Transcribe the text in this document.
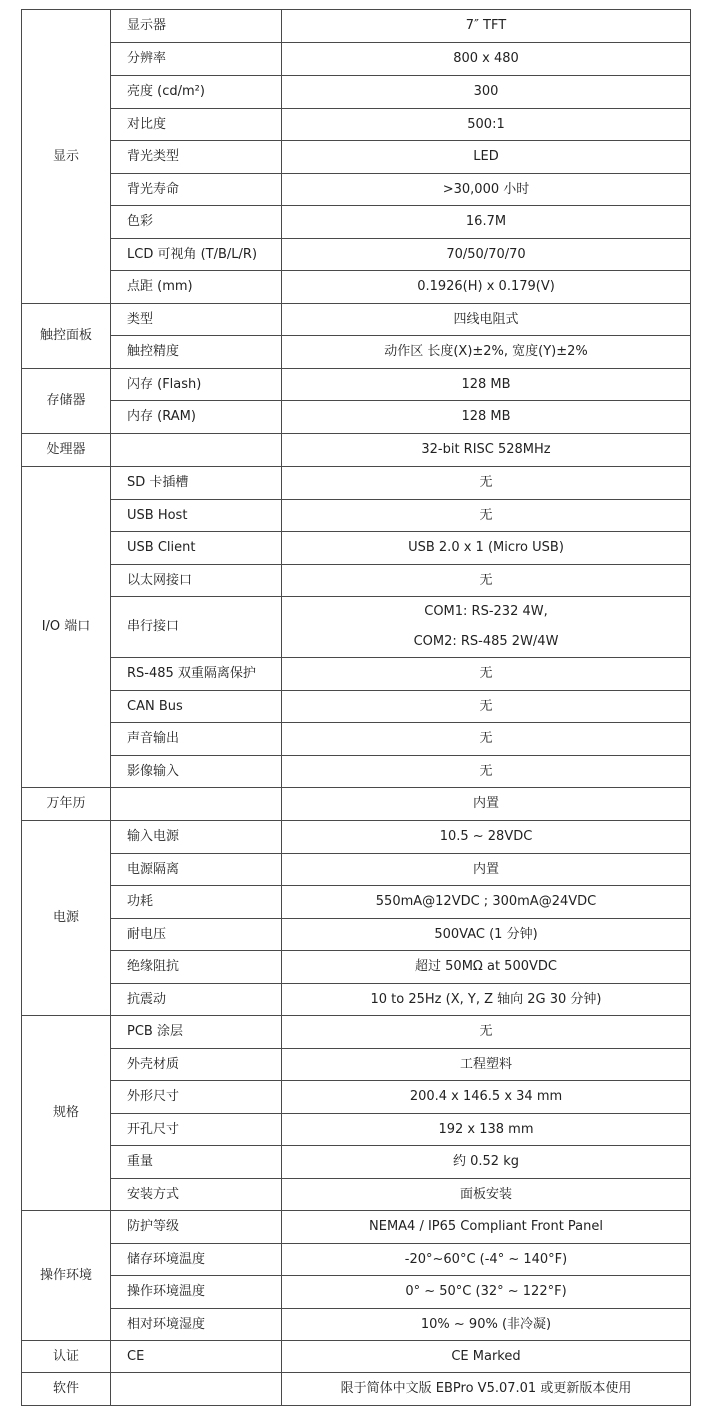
显示	显示器	7″ TFT
	分辨率	800 x 480
	亮度 (cd/m²)	300
	对比度	500:1
	背光类型	LED
	背光寿命	>30,000 小时
	色彩	16.7M
	LCD 可视角 (T/B/L/R)	70/50/70/70
	点距 (mm)	0.1926(H) x 0.179(V)
触控面板	类型	四线电阻式
	触控精度	动作区 长度(X)±2%, 宽度(Y)±2%
存储器	闪存 (Flash)	128 MB
	内存 (RAM)	128 MB
处理器		32-bit RISC 528MHz
I/O 端口	SD 卡插槽	无
	USB Host	无
	USB Client	USB 2.0 x 1 (Micro USB)
	以太网接口	无
	串行接口	COM1: RS-232 4W,
COM2: RS-485 2W/4W

	RS-485 双重隔离保护	无
	CAN Bus	无
	声音输出	无
	影像输入	无
万年历		内置
电源	输入电源	10.5 ~ 28VDC
	电源隔离	内置
	功耗	550mA@12VDC ; 300mA@24VDC
	耐电压	500VAC (1 分钟)
	绝缘阻抗	超过 50MΩ at 500VDC
	抗震动	10 to 25Hz (X, Y, Z 轴向 2G 30 分钟)
规格	PCB 涂层	无
	外壳材质	工程塑料
	外形尺寸	200.4 x 146.5 x 34 mm
	开孔尺寸	192 x 138 mm
	重量	约 0.52 kg
	安装方式	面板安装
操作环境	防护等级	NEMA4 / IP65 Compliant Front Panel
	储存环境温度	-20°~60°C (-4° ~ 140°F)
	操作环境温度	0° ~ 50°C (32° ~ 122°F)
	相对环境湿度	10% ~ 90% (非冷凝)
认证	CE	CE Marked
软件		限于简体中文版 EBPro V5.07.01 或更新版本使用
